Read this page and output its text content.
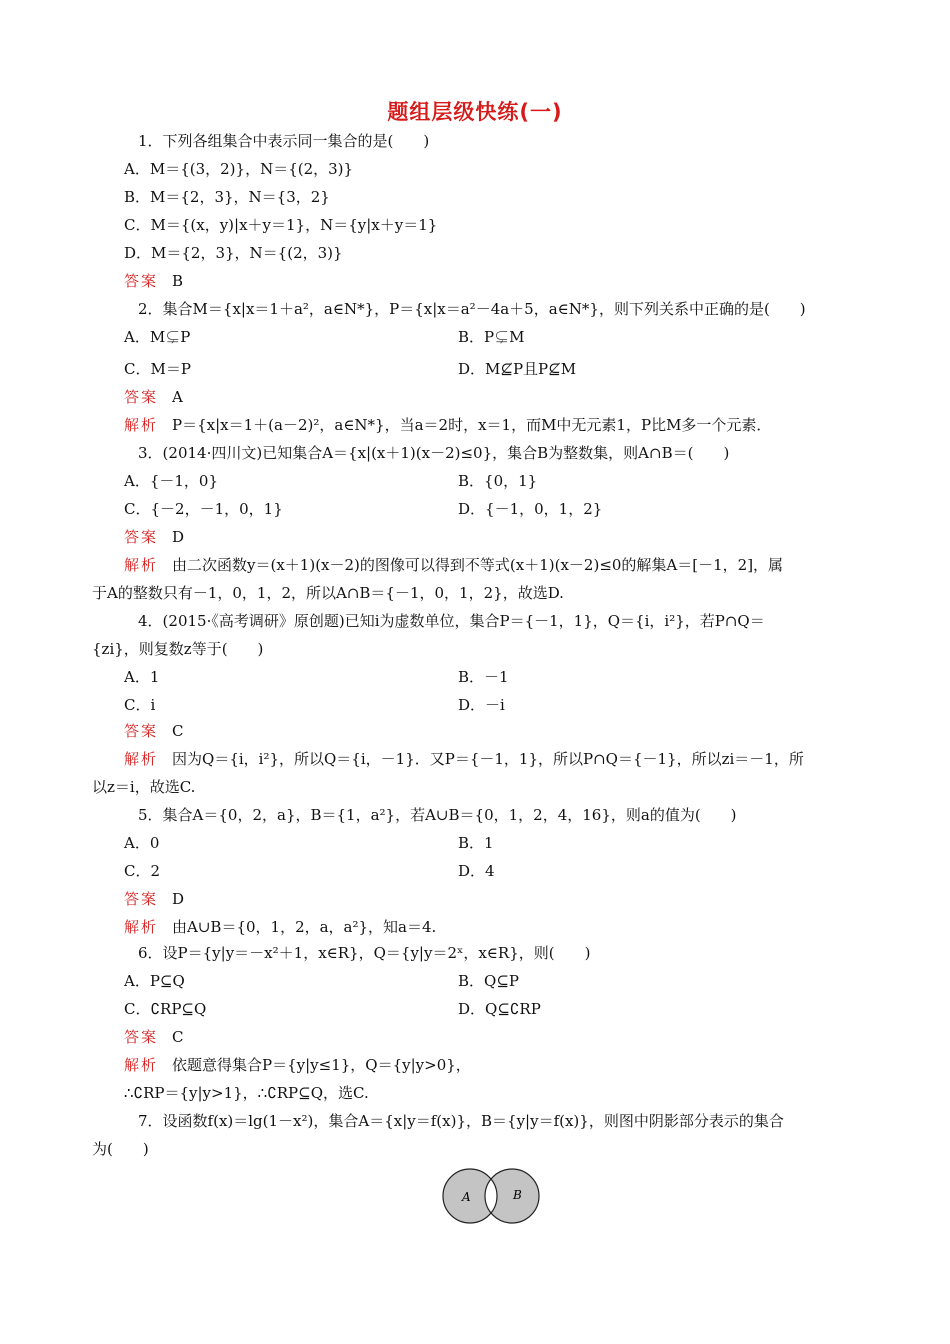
题组层级快练(一)
1．下列各组集合中表示同一集合的是(　　)
A．M＝{(3，2)}，N＝{(2，3)}
B．M＝{2，3}，N＝{3，2}
C．M＝{(x，y)|x＋y＝1}，N＝{y|x＋y＝1}
D．M＝{2，3}，N＝{(2，3)}
答案 B
2．集合M＝{x|x＝1＋a²，a∈N*}，P＝{x|x＝a²－4a＋5，a∈N*}，则下列关系中正确的是(　　)
A．M⊊P	B．P⊊M
C．M＝P	D．M⊈P且P⊈M
答案 A
解析 P＝{x|x＝1＋(a－2)²，a∈N*}，当a＝2时，x＝1，而M中无元素1，P比M多一个元素．
3．(2014·四川文)已知集合A＝{x|(x＋1)(x－2)≤0}，集合B为整数集，则A∩B＝(　　)
A．{－1，0}	B．{0，1}
C．{－2，－1，0，1}	D．{－1，0，1，2}
答案 D
解析 由二次函数y＝(x＋1)(x－2)的图像可以得到不等式(x＋1)(x－2)≤0的解集A＝[－1，2]，属
于A的整数只有－1，0，1，2，所以A∩B＝{－1，0，1，2}，故选D.
4．(2015·《高考调研》原创题)已知i为虚数单位，集合P＝{－1，1}，Q＝{i，i²}，若P∩Q＝
{zi}，则复数z等于(　　)
A．1	B．－1
C．i	D．－i
答案 C
解析 因为Q＝{i，i²}，所以Q＝{i，－1}．又P＝{－1，1}，所以P∩Q＝{－1}，所以zi＝－1，所
以z＝i，故选C.
5．集合A＝{0，2，a}，B＝{1，a²}，若A∪B＝{0，1，2，4，16}，则a的值为(　　)
A．0	B．1
C．2	D．4
答案 D
解析 由A∪B＝{0，1，2，a，a²}，知a＝4.
6．设P＝{y|y＝－x²＋1，x∈R}，Q＝{y|y＝2ˣ，x∈R}，则(　　)
A．P⊆Q	B．Q⊆P
C．∁RP⊆Q	D．Q⊆∁RP
答案 C
解析 依题意得集合P＝{y|y≤1}，Q＝{y|y>0}，
∴∁RP＝{y|y>1}，∴∁RP⊆Q，选C.
7．设函数f(x)＝lg(1－x²)，集合A＝{x|y＝f(x)}，B＝{y|y＝f(x)}，则图中阴影部分表示的集合
为(　　)
A	B
